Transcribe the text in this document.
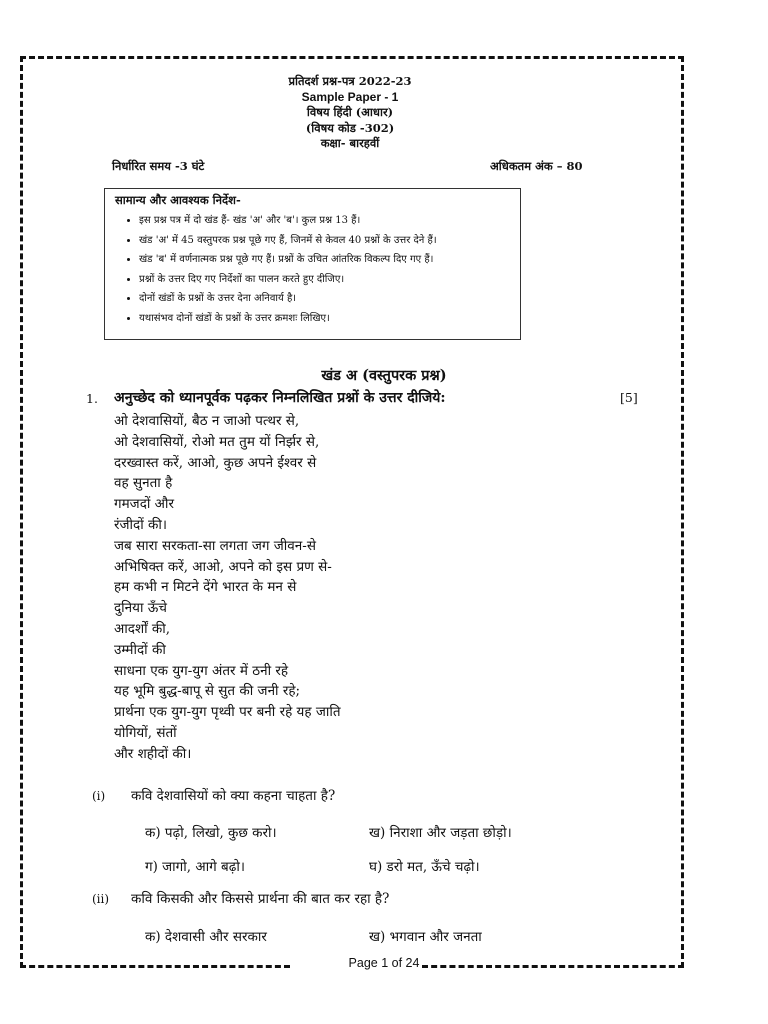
प्रतिदर्श प्रश्न-पत्र 2022-23
Sample Paper - 1
विषय हिंदी (आधार)
(विषय कोड -302)
कक्षा- बारहवीं
निर्धारित समय -3 घंटे	अधिकतम अंक – 80
सामान्य और आवश्यक निर्देश-
• इस प्रश्न पत्र में दो खंड हैं- खंड 'अ' और 'ब'। कुल प्रश्न 13 हैं।
• खंड 'अ' में 45 वस्तुपरक प्रश्न पूछे गए हैं, जिनमें से केवल 40 प्रश्नों के उत्तर देने हैं।
• खंड 'ब' में वर्णनात्मक प्रश्न पूछे गए हैं। प्रश्नों के उचित आंतरिक विकल्प दिए गए हैं।
• प्रश्नों के उत्तर दिए गए निर्देशों का पालन करते हुए दीजिए।
• दोनों खंडों के प्रश्नों के उत्तर देना अनिवार्य है।
• यथासंभव दोनों खंडों के प्रश्नों के उत्तर क्रमशः लिखिए।
खंड अ (वस्तुपरक प्रश्न)
1. अनुच्छेद को ध्यानपूर्वक पढ़कर निम्नलिखित प्रश्नों के उत्तर दीजिये:	[5]
ओ देशवासियों, बैठ न जाओ पत्थर से,
ओ देशवासियों, रोओ मत तुम यों निर्झर से,
दरख्वास्त करें, आओ, कुछ अपने ईश्वर से
वह सुनता है
गमजदों और
रंजीदों की।
जब सारा सरकता-सा लगता जग जीवन-से
अभिषिक्त करें, आओ, अपने को इस प्रण से-
हम कभी न मिटने देंगे भारत के मन से
दुनिया ऊँचे
आदर्शों की,
उम्मीदों की
साधना एक युग-युग अंतर में ठनी रहे
यह भूमि बुद्ध-बापू से सुत की जनी रहे;
प्रार्थना एक युग-युग पृथ्वी पर बनी रहे यह जाति
योगियों, संतों
और शहीदों की।
(i) कवि देशवासियों को क्या कहना चाहता है?
क) पढ़ो, लिखो, कुछ करो।	ख) निराशा और जड़ता छोड़ो।
ग) जागो, आगे बढ़ो।	घ) डरो मत, ऊँचे चढ़ो।
(ii) कवि किसकी और किससे प्रार्थना की बात कर रहा है?
क) देशवासी और सरकार	ख) भगवान और जनता
Page 1 of 24
